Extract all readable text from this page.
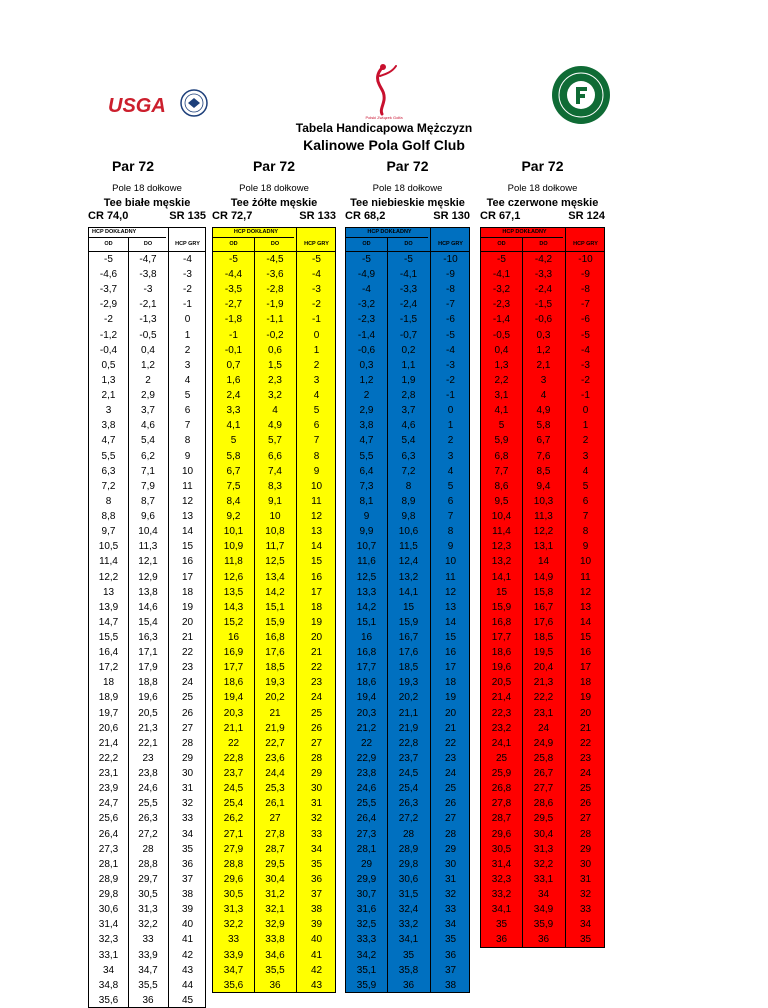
USGA
Polski Związek Golfa
Tabela Handicapowa Mężczyzn
Kalinowe Pola Golf Club
Par 72
Pole 18 dołkowe
Tee białe męskie
CR 74,0	SR 135
HCP DOKŁADNY
OD	DO	HCP GRY
-5	-4,7	-4
-4,6	-3,8	-3
-3,7	-3	-2
-2,9	-2,1	-1
-2	-1,3	0
-1,2	-0,5	1
-0,4	0,4	2
0,5	1,2	3
1,3	2	4
2,1	2,9	5
3	3,7	6
3,8	4,6	7
4,7	5,4	8
5,5	6,2	9
6,3	7,1	10
7,2	7,9	11
8	8,7	12
8,8	9,6	13
9,7	10,4	14
10,5	11,3	15
11,4	12,1	16
12,2	12,9	17
13	13,8	18
13,9	14,6	19
14,7	15,4	20
15,5	16,3	21
16,4	17,1	22
17,2	17,9	23
18	18,8	24
18,9	19,6	25
19,7	20,5	26
20,6	21,3	27
21,4	22,1	28
22,2	23	29
23,1	23,8	30
23,9	24,6	31
24,7	25,5	32
25,6	26,3	33
26,4	27,2	34
27,3	28	35
28,1	28,8	36
28,9	29,7	37
29,8	30,5	38
30,6	31,3	39
31,4	32,2	40
32,3	33	41
33,1	33,9	42
34	34,7	43
34,8	35,5	44
35,6	36	45
Par 72
Pole 18 dołkowe
Tee żółte męskie
CR 72,7	SR 133
HCP DOKŁADNY
OD	DO	HCP GRY
-5	-4,5	-5
-4,4	-3,6	-4
-3,5	-2,8	-3
-2,7	-1,9	-2
-1,8	-1,1	-1
-1	-0,2	0
-0,1	0,6	1
0,7	1,5	2
1,6	2,3	3
2,4	3,2	4
3,3	4	5
4,1	4,9	6
5	5,7	7
5,8	6,6	8
6,7	7,4	9
7,5	8,3	10
8,4	9,1	11
9,2	10	12
10,1	10,8	13
10,9	11,7	14
11,8	12,5	15
12,6	13,4	16
13,5	14,2	17
14,3	15,1	18
15,2	15,9	19
16	16,8	20
16,9	17,6	21
17,7	18,5	22
18,6	19,3	23
19,4	20,2	24
20,3	21	25
21,1	21,9	26
22	22,7	27
22,8	23,6	28
23,7	24,4	29
24,5	25,3	30
25,4	26,1	31
26,2	27	32
27,1	27,8	33
27,9	28,7	34
28,8	29,5	35
29,6	30,4	36
30,5	31,2	37
31,3	32,1	38
32,2	32,9	39
33	33,8	40
33,9	34,6	41
34,7	35,5	42
35,6	36	43
Par 72
Pole 18 dołkowe
Tee niebieskie męskie
CR 68,2	SR 130
HCP DOKŁADNY
OD	DO	HCP GRY
-5	-5	-10
-4,9	-4,1	-9
-4	-3,3	-8
-3,2	-2,4	-7
-2,3	-1,5	-6
-1,4	-0,7	-5
-0,6	0,2	-4
0,3	1,1	-3
1,2	1,9	-2
2	2,8	-1
2,9	3,7	0
3,8	4,6	1
4,7	5,4	2
5,5	6,3	3
6,4	7,2	4
7,3	8	5
8,1	8,9	6
9	9,8	7
9,9	10,6	8
10,7	11,5	9
11,6	12,4	10
12,5	13,2	11
13,3	14,1	12
14,2	15	13
15,1	15,9	14
16	16,7	15
16,8	17,6	16
17,7	18,5	17
18,6	19,3	18
19,4	20,2	19
20,3	21,1	20
21,2	21,9	21
22	22,8	22
22,9	23,7	23
23,8	24,5	24
24,6	25,4	25
25,5	26,3	26
26,4	27,2	27
27,3	28	28
28,1	28,9	29
29	29,8	30
29,9	30,6	31
30,7	31,5	32
31,6	32,4	33
32,5	33,2	34
33,3	34,1	35
34,2	35	36
35,1	35,8	37
35,9	36	38
Par 72
Pole 18 dołkowe
Tee czerwone męskie
CR 67,1	SR 124
HCP DOKŁADNY
OD	DO	HCP GRY
-5	-4,2	-10
-4,1	-3,3	-9
-3,2	-2,4	-8
-2,3	-1,5	-7
-1,4	-0,6	-6
-0,5	0,3	-5
0,4	1,2	-4
1,3	2,1	-3
2,2	3	-2
3,1	4	-1
4,1	4,9	0
5	5,8	1
5,9	6,7	2
6,8	7,6	3
7,7	8,5	4
8,6	9,4	5
9,5	10,3	6
10,4	11,3	7
11,4	12,2	8
12,3	13,1	9
13,2	14	10
14,1	14,9	11
15	15,8	12
15,9	16,7	13
16,8	17,6	14
17,7	18,5	15
18,6	19,5	16
19,6	20,4	17
20,5	21,3	18
21,4	22,2	19
22,3	23,1	20
23,2	24	21
24,1	24,9	22
25	25,8	23
25,9	26,7	24
26,8	27,7	25
27,8	28,6	26
28,7	29,5	27
29,6	30,4	28
30,5	31,3	29
31,4	32,2	30
32,3	33,1	31
33,2	34	32
34,1	34,9	33
35	35,9	34
36	36	35
